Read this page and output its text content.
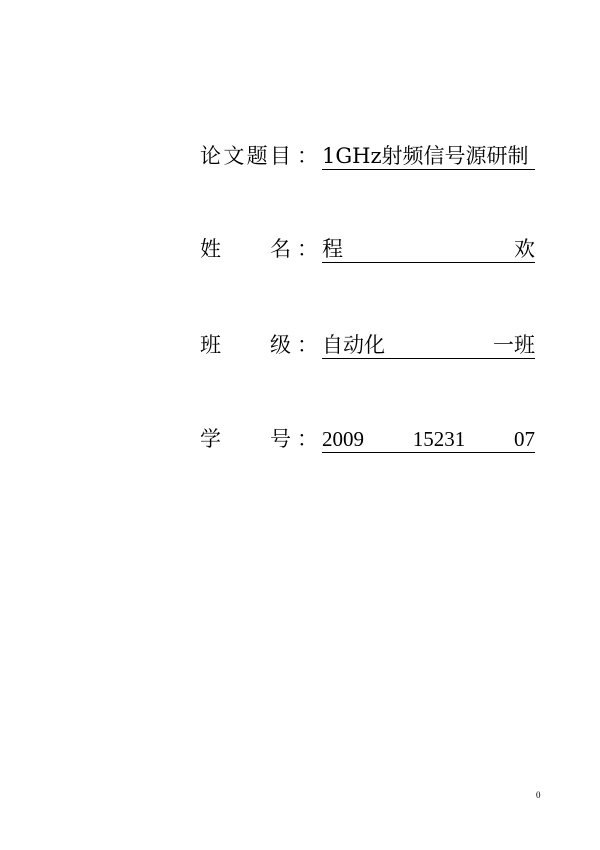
论 文 题 目 ： 1GHz射频信号源研制
姓 名 ： 程	欢
班 级 ： 自动化	一班
学 号 ： 2009 15231 07
0
